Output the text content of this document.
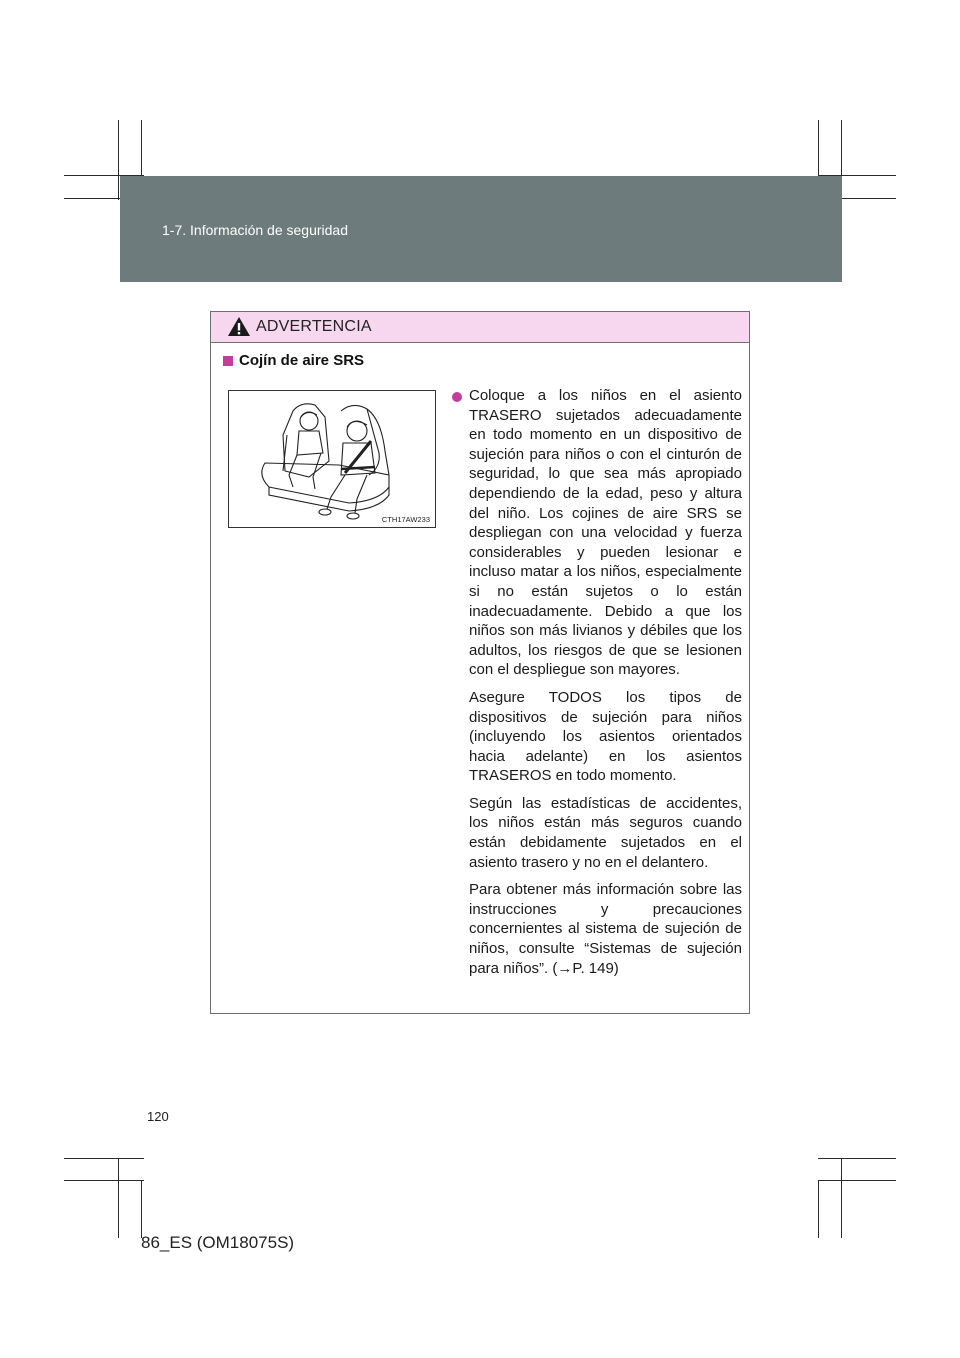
1-7. Información de seguridad
ADVERTENCIA
Cojín de aire SRS
CTH17AW233

Coloque a los niños en el asiento TRASERO sujetados adecuadamente en todo momento en un dispositivo de sujeción para niños o con el cinturón de seguridad, lo que sea más apropiado dependiendo de la edad, peso y altura del niño. Los cojines de aire SRS se despliegan con una velocidad y fuerza considerables y pueden lesionar e incluso matar a los niños, especialmente si no están sujetos o lo están inadecuadamente. Debido a que los niños son más livianos y débiles que los adultos, los riesgos de que se lesionen con el despliegue son mayores.

Asegure TODOS los tipos de dispositivos de sujeción para niños (incluyendo los asientos orientados hacia adelante) en los asientos TRASEROS en todo momento.

Según las estadísticas de accidentes, los niños están más seguros cuando están debidamente sujetados en el asiento trasero y no en el delantero.

Para obtener más información sobre las instrucciones y precauciones concernientes al sistema de sujeción de niños, consulte “Sistemas de sujeción para niños”. (→P. 149)

120
86_ES (OM18075S)
